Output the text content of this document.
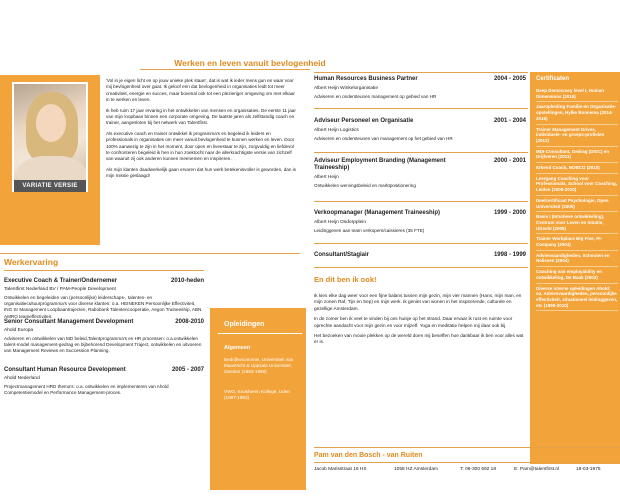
Werken en leven vanuit bevlogenheid
VARIATIE VERSIE

'Vol in je eigen licht en op jouw unieke plek staan', dat is wat ik ieder mens gun en waar voor mij bevlogenheid over gaat. Ik geloof erin dat bevlogenheid in organisaties leidt tot meer creativiteit, energie en succes, maar bovenal ook tot een plezieriger omgeving om met elkaar in te werken en leven.

Ik heb ruim 17 jaar ervaring in het ontwikkelen van mensen en organisaties. De eerste 11 jaar van mijn loopbaan binnen een corporate omgeving. De laatste jaren als zelfstandig coach en trainer, aangesloten bij het netwerk van Talentfirst.

Als executive coach en trainer ontwikkel ik programma's en begeleid ik leiders en professionals in organisaties om meer vanuit bevlogenheid te kunnen werken en leven. Door 100% aanwezig te zijn in het moment, door open en liveestaar te zijn, zorgvuldig en liefdevol te confronteren begeleid ik hen in hun zoektocht naar de allerkrachtigste versie van zichzelf van waaruit zij ook anderen kunnen meenemen en inspireren.

Als mijn klanten daadwerkelijk gaan ervaren dat hun werk betekenisvoller is geworden, dan is mijn missie geslaagd!

Werkervaring
Executive Coach & Trainer/Ondernemer	2010-heden
Talentfirst Nederland BV / PAM-People Development
Ontwikkelen en begeleiden van (persoonlijke) leiderschaps-, talenten- en organisatiecultuurprogramma's voor diverse klanten: o.a. HEINEKEN Persoonlijke Effectiviteit, ING Sr Management Loopbaantrajecten, Rabobank Talentencooperatie, Aegon Traineeship, ABN AMRO teameffectiviteit.
Senior Consultant Management Development	2008-2010
Ahold Europa
Adviseren en ontwikkelen van MD beleid,Talentprogramma's en HR processen: o.a.ontwikkelen talent-model management-gedrag en bijbehorend Development Traject, ontwikkelen en uitvoeren van Management Reviews en Succession Planning.
Consultant Human Resource Development	2005 - 2007
Ahold Nederland
Projectmanagement HRD thema's: o.a. ontwikkelen en implementeren van Ahold Competentiemodel en Performance Management-proces.
Opleidingen
Algemeen
Bedrijfseconomie, Universiteit van Maastricht & Uppsala Universitet, Zweden (1993-1998)
VWO, Kruisheren Kollege, Uden (1987-1993)
Human Resources Business Partner	2004 - 2005
Albert Heijn Winkelorganisatie
Adviseren en ondersteunen management op gebied van HR
Adviseur Personeel en Organisatie	2001 - 2004
Albert Heijn Logistics
Adviseren en ondersteunen van management op het gebied van HR
Adviseur Employment Branding (Management Traineeship)
2000 - 2001
Albert Heijn
Ontwikkelen wervingsbeleid en marktpositionering
Verkoopmanager (Management Traineeship)	1999 - 2000
Albert Heijn Osdorpplein
Leidinggeven aan team verkopers/caissieres (35 FTE)
Consultant/Stagiair	1998 - 1999
En dit ben ik ook!

Ik kies elke dag weer voor een fijne balans tussen mijn gezin, mijn vier mannen (Hans, mijn man, en mijn zonen Raf, Tijn en Sep) en mijn werk. Ik geniet van wonen in het inspirerende, culturele en gezellige Amsterdam.

In de zomer ben ik veel te vinden bij ons huisje op het strand. Daar ervaar ik rust en ruimte voor oprechte aandacht voor mijn gezin en voor mijzelf. Yoga en meditatie helpen mij daar ook bij.

Het bezoeken van mooie plekken op de wereld doen mij beseffen hoe dankbaar ik ben voor alles wat er is.

Certificaten
Deep Democracy level I, Human Dimensions (2016)
Jaaropleiding Familie-en Organisatie-opstellingen, Hylke Bonnema (2014-2015)
Trainer Management Drives, individuele- en groeps-profielen (2012)
MDI-Consultant, Gedrag (DISC) en Drijfveren (2011)
Erkend Coach, NOBCO (2010)
Leergang Coaching voor Professionals, School voor Coaching, Leiden (2009-2010)
Deelcertificaat Psychologie, Open Universiteit (2005)
Basis I (Intuitieve ontwikkeling), Centrum voor Leven en Intuitie, Utrecht (2005)
Trainer Workplace Big Five, PI-Company (2004)
Adviesvaardigheden, Schouten en Nelissen (2004)
Coaching van employability en ontwikkeling, De Baak (2003)
Diverse interne opleidingen Ahold: oa. Adviesvaardigheden, persoonlijke effectiviteit, situationeel leidinggeven, etc (1999-2010)
Pam van den Bosch - van Ruiten
Jacob Marisstraat 16 HS	1058 HZ Amsterdam	T: 06-300 692 18	E: Pam@talentfirst.nl	18-03-1975
